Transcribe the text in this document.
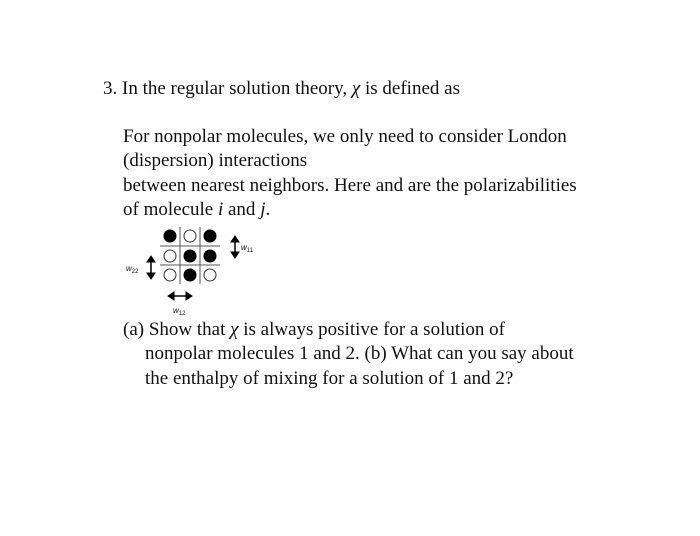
3. In the regular solution theory, χ is defined as

For nonpolar molecules, we only need to consider London

(dispersion) interactions

between nearest neighbors. Here and are the polarizabilities

of molecule i and j.

$w_{11}$
$w_{22}$
$w_{12}$

(a) Show that χ is always positive for a solution of

nonpolar molecules 1 and 2. (b) What can you say about

the enthalpy of mixing for a solution of 1 and 2?
